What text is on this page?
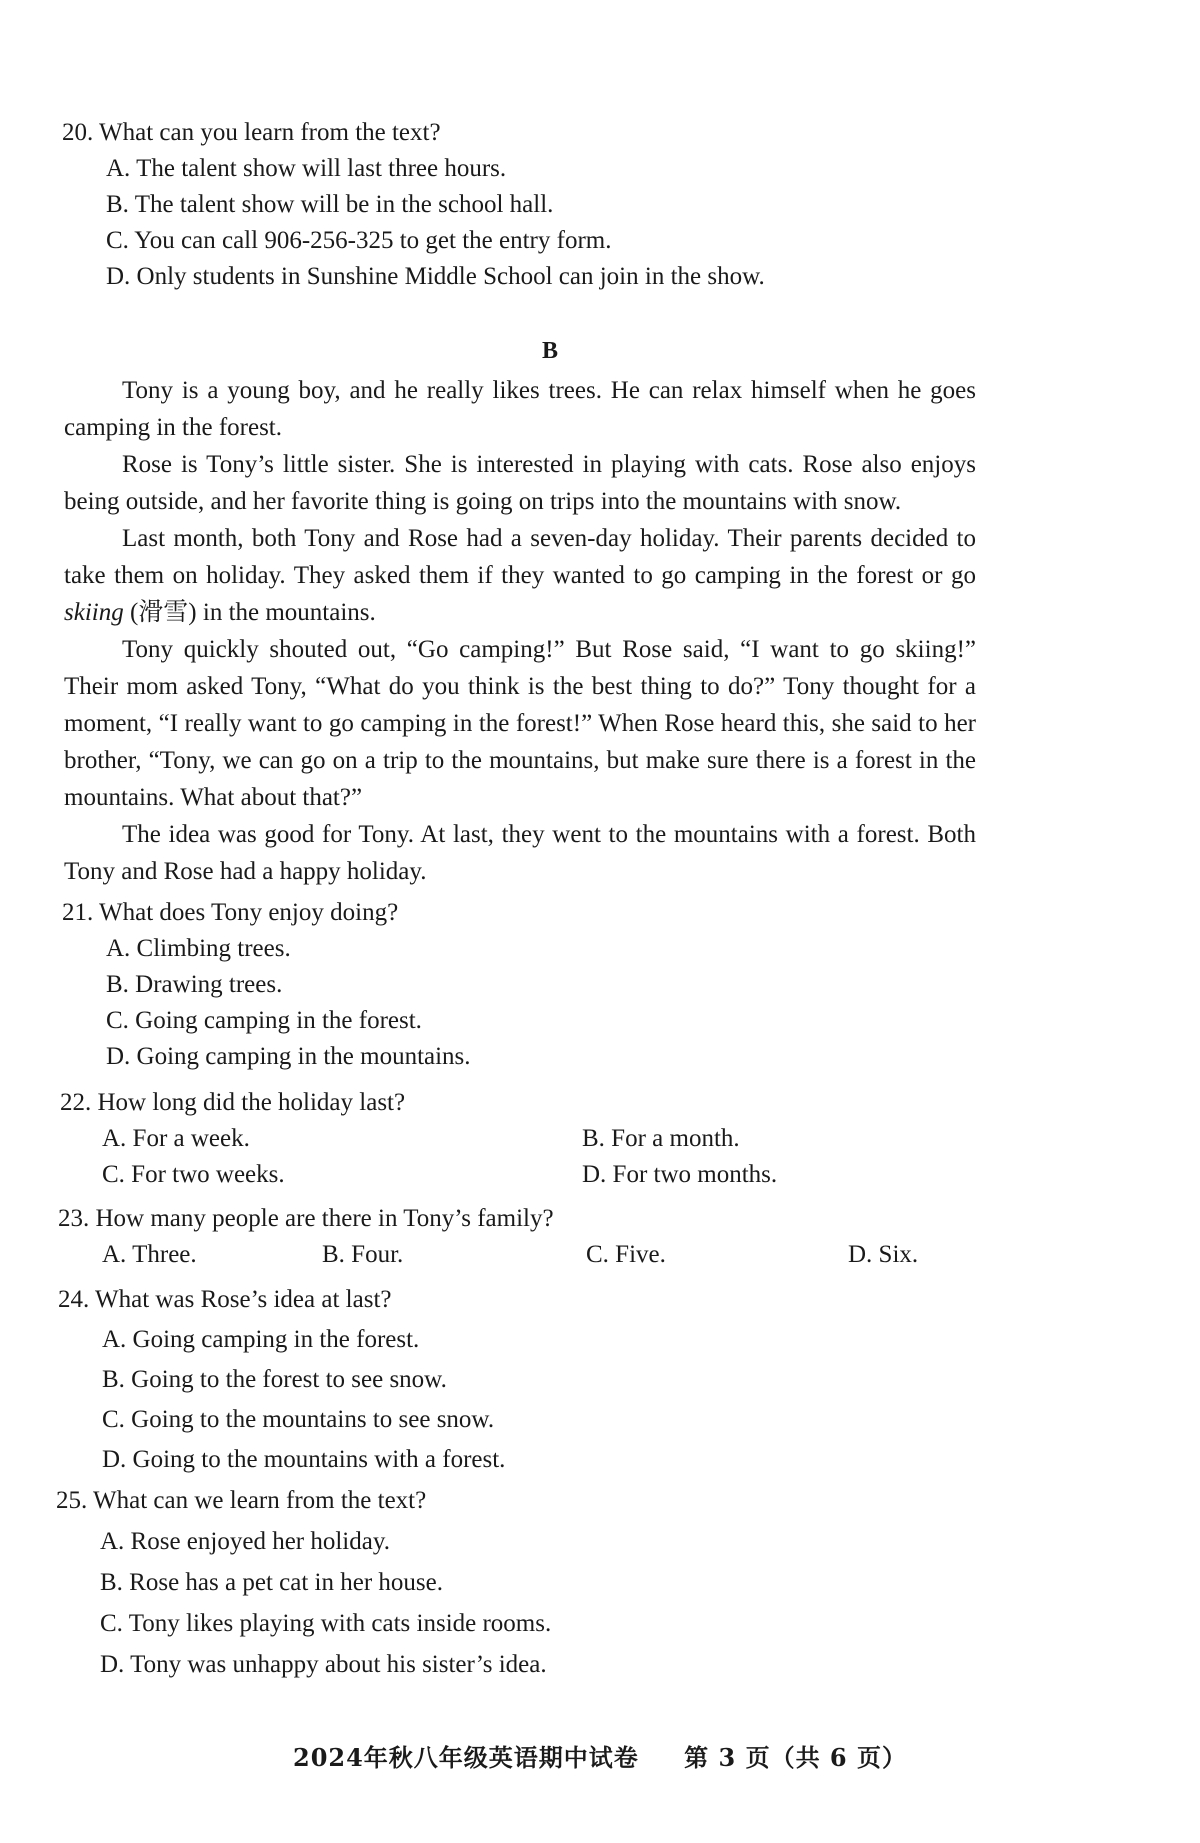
20. What can you learn from the text?
A. The talent show will last three hours.
B. The talent show will be in the school hall.
C. You can call 906-256-325 to get the entry form.
D. Only students in Sunshine Middle School can join in the show.
B

Tony is a young boy, and he really likes trees. He can relax himself when he goes camping in the forest.

Rose is Tony’s little sister. She is interested in playing with cats. Rose also enjoys being outside, and her favorite thing is going on trips into the mountains with snow.

Last month, both Tony and Rose had a seven-day holiday. Their parents decided to take them on holiday. They asked them if they wanted to go camping in the forest or go skiing (滑雪) in the mountains.

Tony quickly shouted out, “Go camping!” But Rose said, “I want to go skiing!” Their mom asked Tony, “What do you think is the best thing to do?” Tony thought for a moment, “I really want to go camping in the forest!” When Rose heard this, she said to her brother, “Tony, we can go on a trip to the mountains, but make sure there is a forest in the mountains. What about that?”

The idea was good for Tony. At last, they went to the mountains with a forest. Both Tony and Rose had a happy holiday.

21. What does Tony enjoy doing?
A. Climbing trees.
B. Drawing trees.
C. Going camping in the forest.
D. Going camping in the mountains.
22. How long did the holiday last?
A. For a week.	B. For a month.
C. For two weeks.	D. For two months.
23. How many people are there in Tony’s family?
A. Three.	B. Four.	C. Five.	D. Six.
24. What was Rose’s idea at last?
A. Going camping in the forest.
B. Going to the forest to see snow.
C. Going to the mountains to see snow.
D. Going to the mountains with a forest.
25. What can we learn from the text?
A. Rose enjoyed her holiday.
B. Rose has a pet cat in her house.
C. Tony likes playing with cats inside rooms.
D. Tony was unhappy about his sister’s idea.
2024年秋八年级英语期中试卷 第 3 页（共 6 页）
